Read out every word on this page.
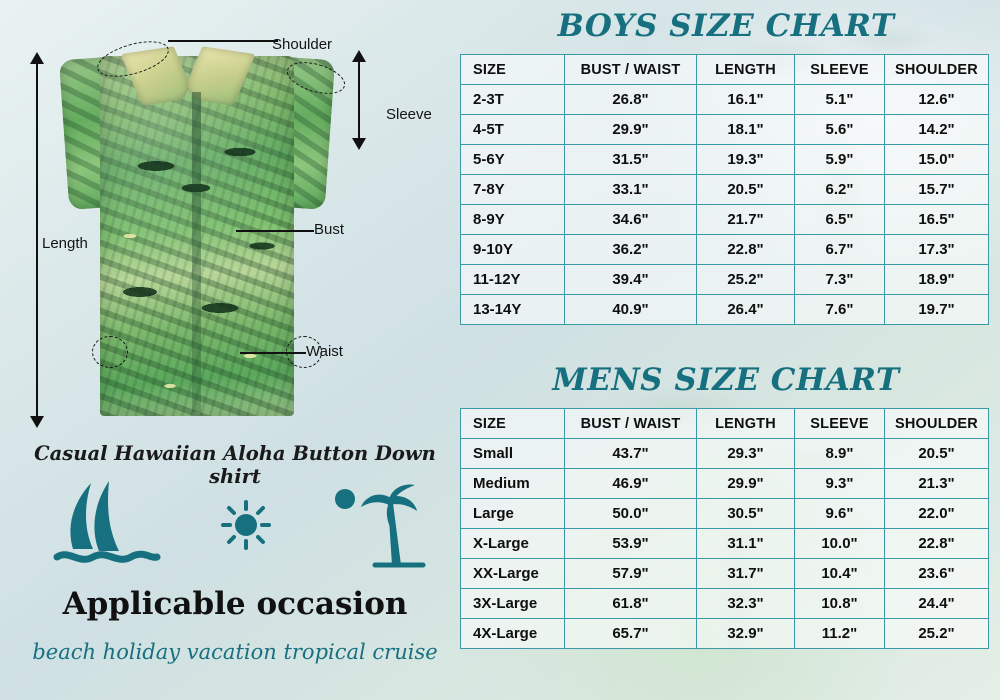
Shoulder
Sleeve
Bust
Length
Waist
Casual Hawaiian Aloha Button Down shirt
Applicable occasion
beach holiday vacation tropical cruise
BOYS SIZE CHART
SIZE	BUST / WAIST	LENGTH	SLEEVE	SHOULDER
2-3T	26.8"	16.1"	5.1"	12.6"
4-5T	29.9"	18.1"	5.6"	14.2"
5-6Y	31.5"	19.3"	5.9"	15.0"
7-8Y	33.1"	20.5"	6.2"	15.7"
8-9Y	34.6"	21.7"	6.5"	16.5"
9-10Y	36.2"	22.8"	6.7"	17.3"
11-12Y	39.4"	25.2"	7.3"	18.9"
13-14Y	40.9"	26.4"	7.6"	19.7"
MENS SIZE CHART
SIZE	BUST / WAIST	LENGTH	SLEEVE	SHOULDER
Small	43.7"	29.3"	8.9"	20.5"
Medium	46.9"	29.9"	9.3"	21.3"
Large	50.0"	30.5"	9.6"	22.0"
X-Large	53.9"	31.1"	10.0"	22.8"
XX-Large	57.9"	31.7"	10.4"	23.6"
3X-Large	61.8"	32.3"	10.8"	24.4"
4X-Large	65.7"	32.9"	11.2"	25.2"
